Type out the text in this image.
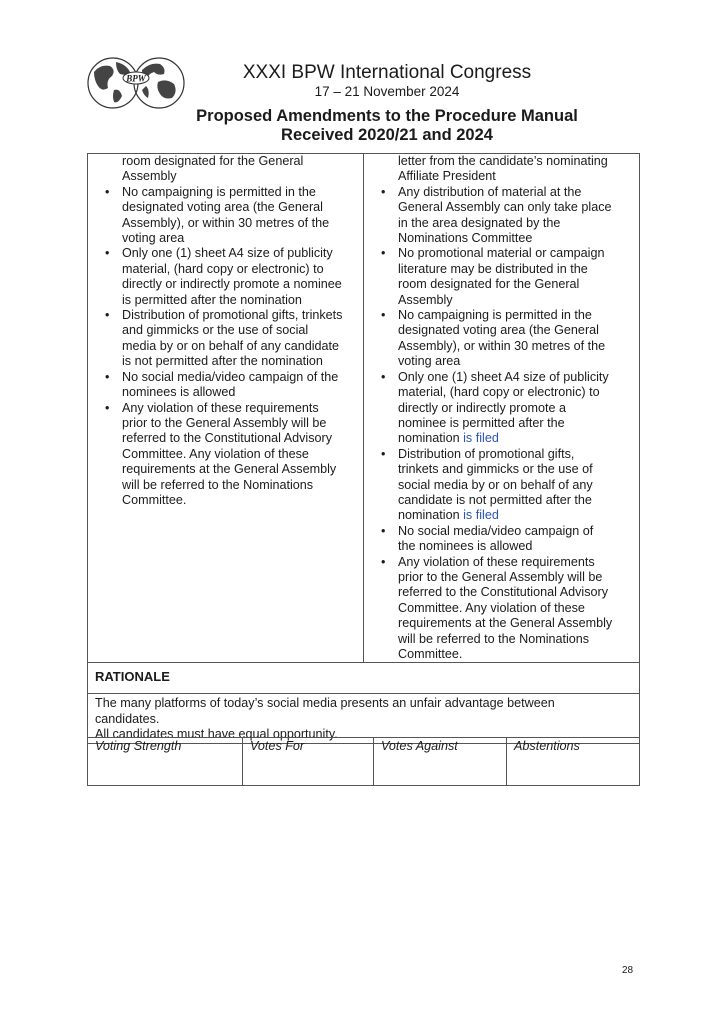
BPW	XXXI BPW International Congress
17 – 21 November 2024
Proposed Amendments to the Procedure Manual
Received 2020/21 and 2024
room designated for the General
Assembly
• No campaigning is permitted in the
designated voting area (the General
Assembly), or within 30 metres of the
voting area
• Only one (1) sheet A4 size of publicity
material, (hard copy or electronic) to
directly or indirectly promote a nominee
is permitted after the nomination
• Distribution of promotional gifts, trinkets
and gimmicks or the use of social
media by or on behalf of any candidate
is not permitted after the nomination
• No social media/video campaign of the
nominees is allowed
• Any violation of these requirements
prior to the General Assembly will be
referred to the Constitutional Advisory
Committee. Any violation of these
requirements at the General Assembly
will be referred to the Nominations
Committee.

letter from the candidate’s nominating
Affiliate President
• Any distribution of material at the
General Assembly can only take place
in the area designated by the
Nominations Committee
• No promotional material or campaign
literature may be distributed in the
room designated for the General
Assembly
• No campaigning is permitted in the
designated voting area (the General
Assembly), or within 30 metres of the
voting area
• Only one (1) sheet A4 size of publicity
material, (hard copy or electronic) to
directly or indirectly promote a
nominee is permitted after the
nomination is filed
• Distribution of promotional gifts,
trinkets and gimmicks or the use of
social media by or on behalf of any
candidate is not permitted after the
nomination is filed
• No social media/video campaign of
the nominees is allowed
• Any violation of these requirements
prior to the General Assembly will be
referred to the Constitutional Advisory
Committee. Any violation of these
requirements at the General Assembly
will be referred to the Nominations
Committee.

RATIONALE

The many platforms of today’s social media presents an unfair advantage between
candidates.
All candidates must have equal opportunity.
Voting Strength	Votes For	Votes Against	Abstentions
28
